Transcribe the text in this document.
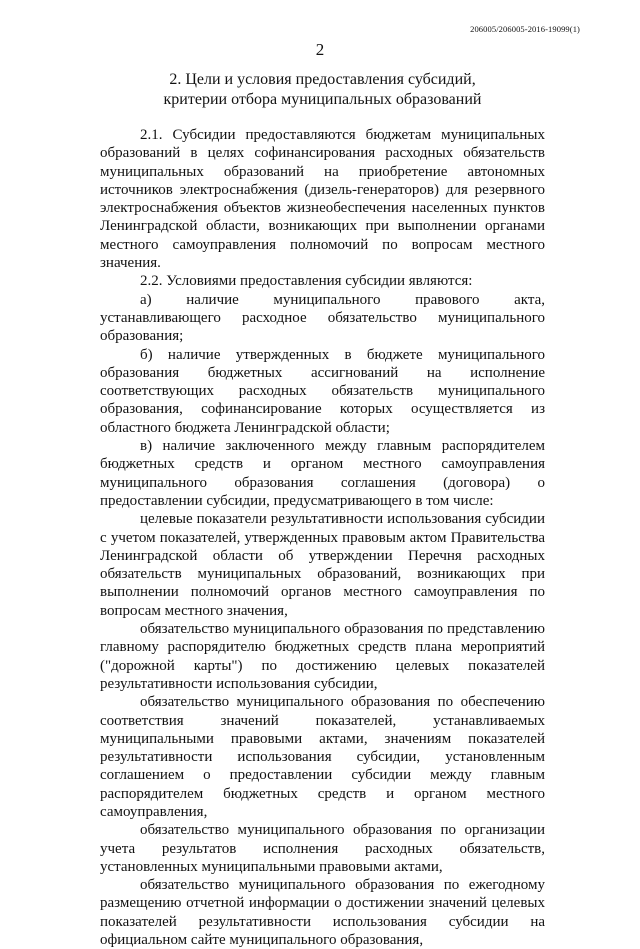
206005/206005-2016-19099(1)
2
2. Цели и условия предоставления субсидий,
критерии отбора муниципальных образований

2.1. Субсидии предоставляются бюджетам муниципальных образований в целях софинансирования расходных обязательств муниципальных образований на приобретение автономных источников электроснабжения (дизель-генераторов) для резервного электроснабжения объектов жизнеобеспечения населенных пунктов Ленинградской области, возникающих при выполнении органами местного самоуправления полномочий по вопросам местного значения.

2.2. Условиями предоставления субсидии являются:

а) наличие муниципального правового акта, устанавливающего расходное обязательство муниципального образования;

б) наличие утвержденных в бюджете муниципального образования бюджетных ассигнований на исполнение соответствующих расходных обязательств муниципального образования, софинансирование которых осуществляется из областного бюджета Ленинградской области;

в) наличие заключенного между главным распорядителем бюджетных средств и органом местного самоуправления муниципального образования соглашения (договора) о предоставлении субсидии, предусматривающего в том числе:

целевые показатели результативности использования субсидии с учетом показателей, утвержденных правовым актом Правительства Ленинградской области об утверждении Перечня расходных обязательств муниципальных образований, возникающих при выполнении полномочий органов местного самоуправления по вопросам местного значения,

обязательство муниципального образования по представлению главному распорядителю бюджетных средств плана мероприятий ("дорожной карты") по достижению целевых показателей результативности использования субсидии,

обязательство муниципального образования по обеспечению соответствия значений показателей, устанавливаемых муниципальными правовыми актами, значениям показателей результативности использования субсидии, установленным соглашением о предоставлении субсидии между главным распорядителем бюджетных средств и органом местного самоуправления,

обязательство муниципального образования по организации учета результатов исполнения расходных обязательств, установленных муниципальными правовыми актами,

обязательство муниципального образования по ежегодному размещению отчетной информации о достижении значений целевых показателей результативности использования субсидии на официальном сайте муниципального образования,
